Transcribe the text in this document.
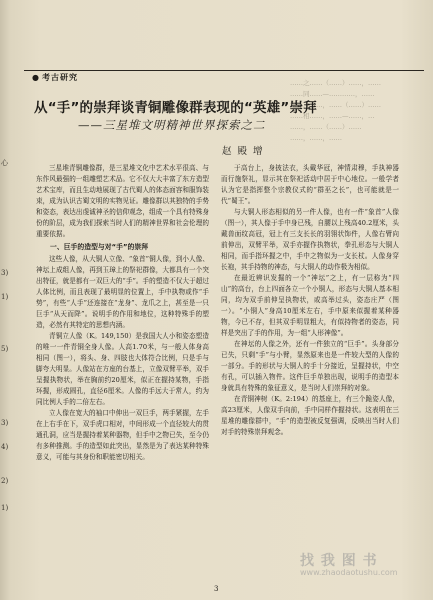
心
3)
1)
5)
3)
4)
2)
1)
● 考古研究
……之……（……）……，……
……同……—…………，……
……，……，……（……）……
……相……，……—……，…
……，……（……）……
……，……，……
从“手”的崇拜谈青铜雕像群表现的“英雄”崇拜
——三星堆文明精神世界探索之二
赵殿增

三星堆青铜雕像群，是三星堆文化中艺术水平很高、与东作风最强的一组雕塑艺术品。它不仅大大丰富了东方造型艺术宝库，而且生动地展现了古代蜀人的体态面容和服饰装束，成为认识古蜀文明的实物见证。雕像群以其独特的手势和姿态，表达出虔诚神圣的信仰观念，组成一个具有特殊身份的阶层，成为我们探索当时人们的精神世界和社会伦理的重要依据。

一、巨手的造型与对“手”的崇拜

这些人像，从大铜人立像、“象首”铜人像，到小人像、神坛上成组人像，再到玉璋上的祭祀群像，大都具有一个突出特征，就是都有一双巨大的“手”。手的塑造不仅大于超过人体比例，而且表现了最明显的位置上，手中执物或作“手势”，有些“人手”还连接在“龙身”、龙爪之上，甚至是一只巨手“从天而降”。说明手的作用和地位，这种特殊手的塑造，必然有其特定的思想内涵。

青铜立人像（K。149,150）是我国大人小和姿态塑造的唯一一件青铜全身人像。人高1.70米，与一般人体身高相同（图一），将头、身、四肢也大体符合比例，只是手与脚夸大明显。人像站在方座的台基上，立像双臂平举，双手呈握执物状，举在胸前约20厘米，似正在握持某物，手指环握，形成圆孔，直径6厘米。人像的手远大于常人，约为同比例人手的二倍左右。

立人像在宽大的袖口中伸出一双巨手，两手紧握，左手在上右手在下，双手虎口相对，中间形成一个直径较大的贯通孔洞，应当是握持着某种器物，但手中之物已失，至今仍有多种推测。手的造型如此突出，显然是为了表达某种特殊意义，可能与其身份和职能密切相关。

于高台上，身披法衣，头戴华冠，神情肃穆，手执神器而行施祭礼，显示其在祭祀活动中居于中心地位。一般学者认为它是指挥整个宗教仪式的“群巫之长”，也可能就是一代“蜀王”。

与大铜人形态相似的另一件人像，也有一件“象首”人像（图一），其人像于手中身已残，自腰以上残高40.2厘米，头戴兽面纹高冠，冠上有三支长长的羽翎状饰件，人像右臂向前伸出，双臂平举，双手亦握作执物状，拳孔形态与大铜人相同，而手指环握之中，手中之物似为一支长杖。人像身穿长袍，其手持物的神态，与大铜人的动作极为相似。

在最近辨识发掘的一个“神坛”之上，有一层称为“四山”的高台，台上四面各立一个小铜人，形态与大铜人基本相同，均为双手前伸呈执物状，或高举过头，姿态庄严（图一）。“小铜人”身高10厘米左右，手中原来似握着某种器物，今已不存，但其双手明显粗大，有似持物者的姿态，同样是突出了手的作用，为一组“人形神像”。

在神坛的人像之外，还有一件独立的“巨手”。头身部分已失，只剩“手”与小臂，显然原来也是一件较大型的人像的一部分。手的形状与大铜人的手十分接近，呈握持状，中空有孔，可以插入物件。这件巨手单独出现，说明手的造型本身就具有特殊的象征意义，是当时人们崇拜的对象。

在青铜神树（K。2:194）的基座上，有三个跪姿人像，高23厘米，人像双手向前，手中同样作握持状。这表明在三星堆的雕像群中，“手”的造型被反复强调，反映出当时人们对手的特殊崇拜观念。

3
找 我 图 书
www.zhaodaotushu.com
